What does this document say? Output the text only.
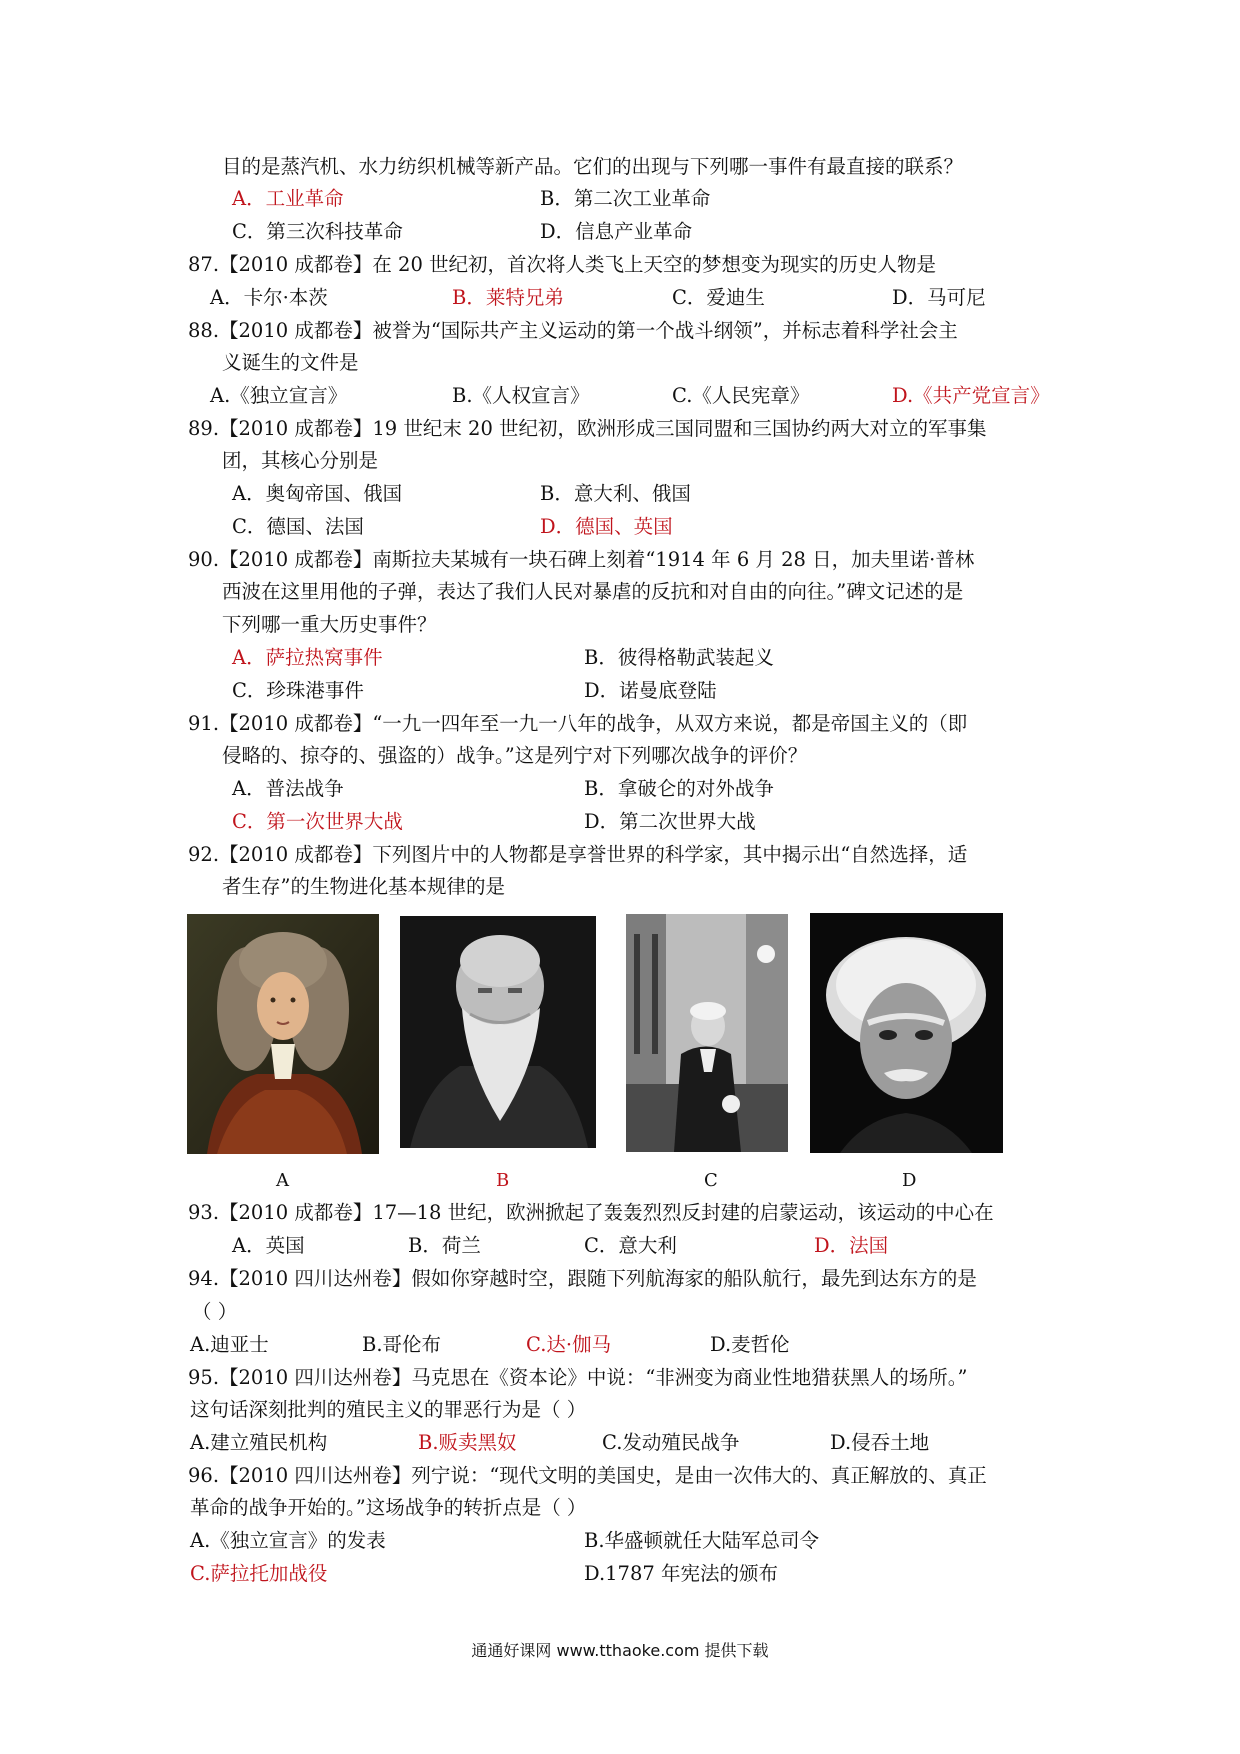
目的是蒸汽机、水力纺织机械等新产品。它们的出现与下列哪一事件有最直接的联系？
A．工业革命	B．第二次工业革命
C．第三次科技革命	D．信息产业革命
87.【2010 成都卷】在 20 世纪初，首次将人类飞上天空的梦想变为现实的历史人物是
A．卡尔·本茨	B．莱特兄弟	C．爱迪生	D．马可尼
88.【2010 成都卷】被誉为“国际共产主义运动的第一个战斗纲领”，并标志着科学社会主
义诞生的文件是
A.《独立宣言》	B.《人权宣言》	C.《人民宪章》	D.《共产党宣言》
89.【2010 成都卷】19 世纪末 20 世纪初，欧洲形成三国同盟和三国协约两大对立的军事集
团，其核心分别是
A．奥匈帝国、俄国	B．意大利、俄国
C．德国、法国	D．德国、英国
90.【2010 成都卷】南斯拉夫某城有一块石碑上刻着“1914 年 6 月 28 日，加夫里诺·普林
西波在这里用他的子弹，表达了我们人民对暴虐的反抗和对自由的向往。”碑文记述的是
下列哪一重大历史事件？
A．萨拉热窝事件	B．彼得格勒武装起义
C．珍珠港事件	D．诺曼底登陆
91.【2010 成都卷】“一九一四年至一九一八年的战争，从双方来说，都是帝国主义的（即
侵略的、掠夺的、强盗的）战争。”这是列宁对下列哪次战争的评价？
A．普法战争	B．拿破仑的对外战争
C．第一次世界大战	D．第二次世界大战
92.【2010 成都卷】下列图片中的人物都是享誉世界的科学家，其中揭示出“自然选择，适
者生存”的生物进化基本规律的是
A	B	C	D
93.【2010 成都卷】17—18 世纪，欧洲掀起了轰轰烈烈反封建的启蒙运动，该运动的中心在
A．英国	B．荷兰	C．意大利	D．法国
94.【2010 四川达州卷】假如你穿越时空，跟随下列航海家的船队航行，最先到达东方的是
（ ）
A.迪亚士	B.哥伦布	C.达·伽马	D.麦哲伦
95.【2010 四川达州卷】马克思在《资本论》中说：“非洲变为商业性地猎获黑人的场所。”
这句话深刻批判的殖民主义的罪恶行为是（ ）
A.建立殖民机构	B.贩卖黑奴	C.发动殖民战争	D.侵吞土地
96.【2010 四川达州卷】列宁说：“现代文明的美国史，是由一次伟大的、真正解放的、真正
革命的战争开始的。”这场战争的转折点是（ ）
A.《独立宣言》的发表	B.华盛顿就任大陆军总司令
C.萨拉托加战役	D.1787 年宪法的颁布
通通好课网 www.tthaoke.com 提供下载
